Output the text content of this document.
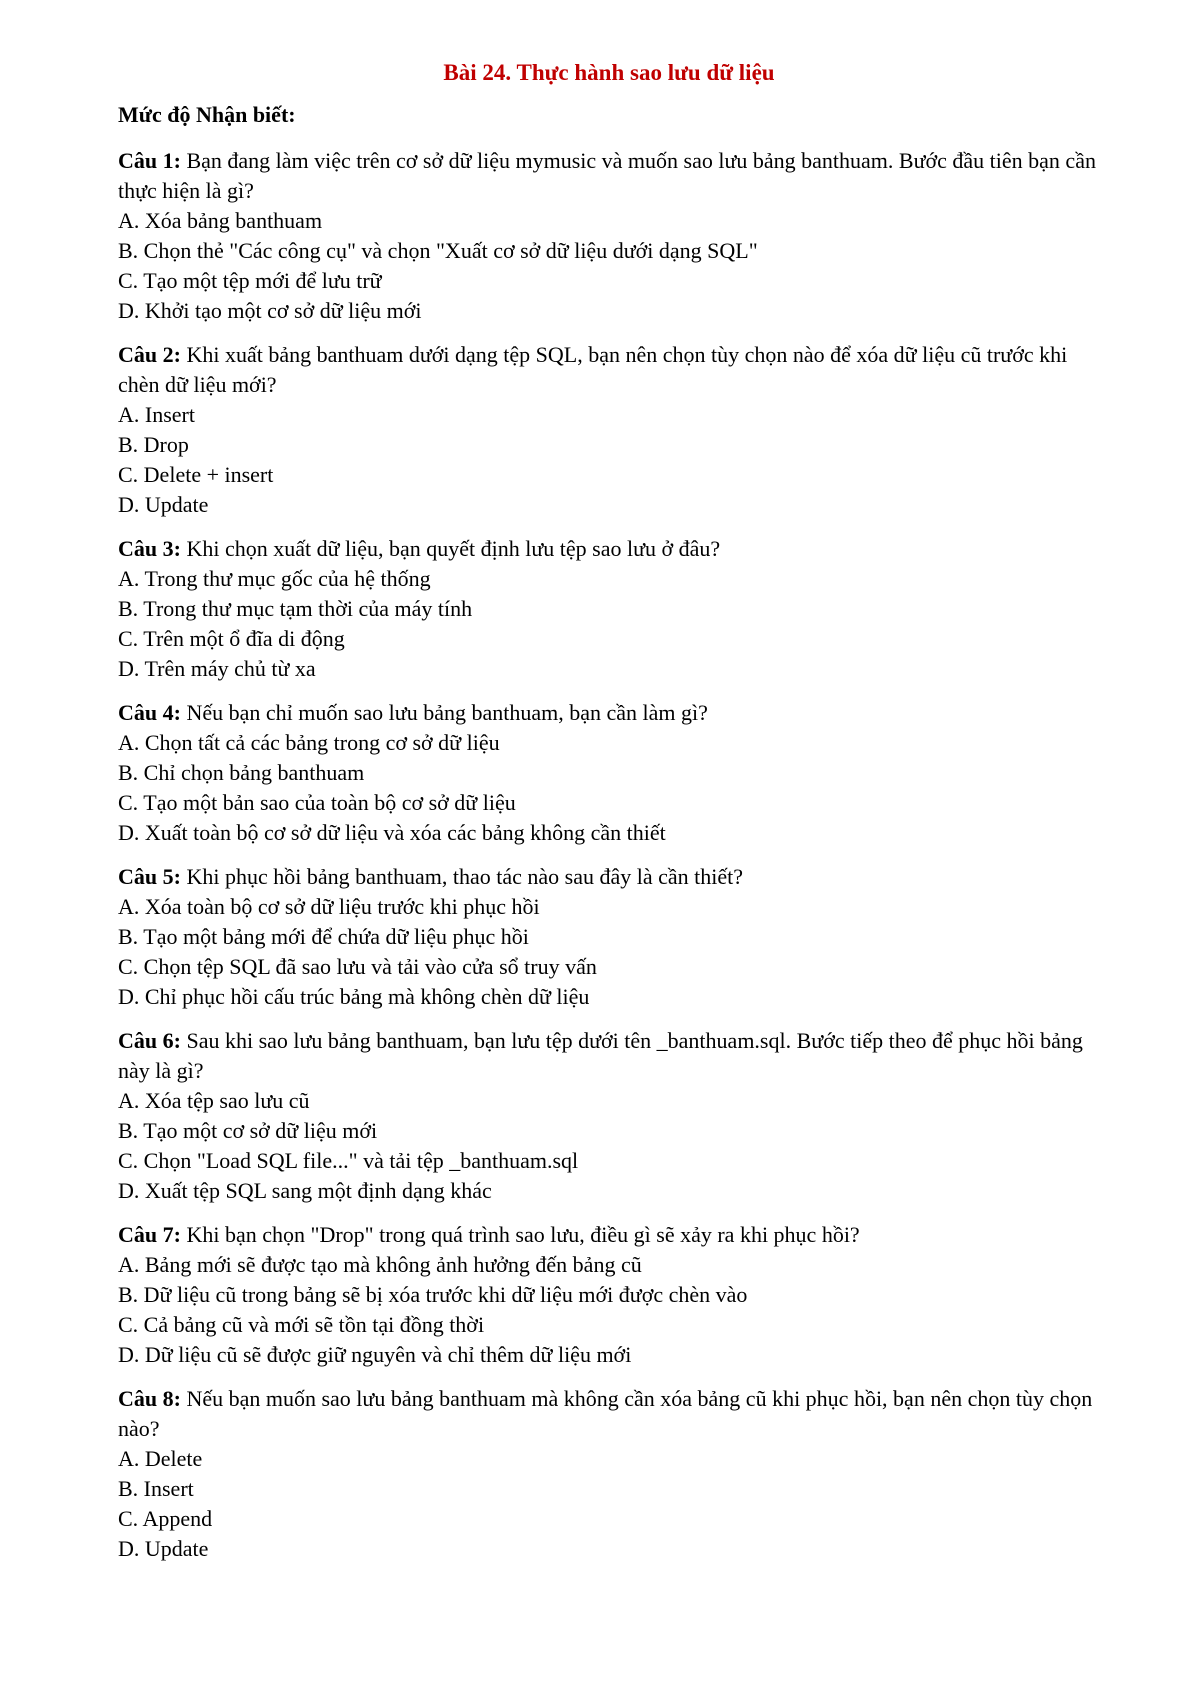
Bài 24. Thực hành sao lưu dữ liệu
Mức độ Nhận biết:

Câu 1: Bạn đang làm việc trên cơ sở dữ liệu mymusic và muốn sao lưu bảng banthuam. Bước đầu tiên bạn cần thực hiện là gì?

A. Xóa bảng banthuam

B. Chọn thẻ "Các công cụ" và chọn "Xuất cơ sở dữ liệu dưới dạng SQL"

C. Tạo một tệp mới để lưu trữ

D. Khởi tạo một cơ sở dữ liệu mới

Câu 2: Khi xuất bảng banthuam dưới dạng tệp SQL, bạn nên chọn tùy chọn nào để xóa dữ liệu cũ trước khi chèn dữ liệu mới?

A. Insert

B. Drop

C. Delete + insert

D. Update

Câu 3: Khi chọn xuất dữ liệu, bạn quyết định lưu tệp sao lưu ở đâu?

A. Trong thư mục gốc của hệ thống

B. Trong thư mục tạm thời của máy tính

C. Trên một ổ đĩa di động

D. Trên máy chủ từ xa

Câu 4: Nếu bạn chỉ muốn sao lưu bảng banthuam, bạn cần làm gì?

A. Chọn tất cả các bảng trong cơ sở dữ liệu

B. Chỉ chọn bảng banthuam

C. Tạo một bản sao của toàn bộ cơ sở dữ liệu

D. Xuất toàn bộ cơ sở dữ liệu và xóa các bảng không cần thiết

Câu 5: Khi phục hồi bảng banthuam, thao tác nào sau đây là cần thiết?

A. Xóa toàn bộ cơ sở dữ liệu trước khi phục hồi

B. Tạo một bảng mới để chứa dữ liệu phục hồi

C. Chọn tệp SQL đã sao lưu và tải vào cửa sổ truy vấn

D. Chỉ phục hồi cấu trúc bảng mà không chèn dữ liệu

Câu 6: Sau khi sao lưu bảng banthuam, bạn lưu tệp dưới tên _banthuam.sql. Bước tiếp theo để phục hồi bảng này là gì?

A. Xóa tệp sao lưu cũ

B. Tạo một cơ sở dữ liệu mới

C. Chọn "Load SQL file..." và tải tệp _banthuam.sql

D. Xuất tệp SQL sang một định dạng khác

Câu 7: Khi bạn chọn "Drop" trong quá trình sao lưu, điều gì sẽ xảy ra khi phục hồi?

A. Bảng mới sẽ được tạo mà không ảnh hưởng đến bảng cũ

B. Dữ liệu cũ trong bảng sẽ bị xóa trước khi dữ liệu mới được chèn vào

C. Cả bảng cũ và mới sẽ tồn tại đồng thời

D. Dữ liệu cũ sẽ được giữ nguyên và chỉ thêm dữ liệu mới

Câu 8: Nếu bạn muốn sao lưu bảng banthuam mà không cần xóa bảng cũ khi phục hồi, bạn nên chọn tùy chọn nào?

A. Delete

B. Insert

C. Append

D. Update
